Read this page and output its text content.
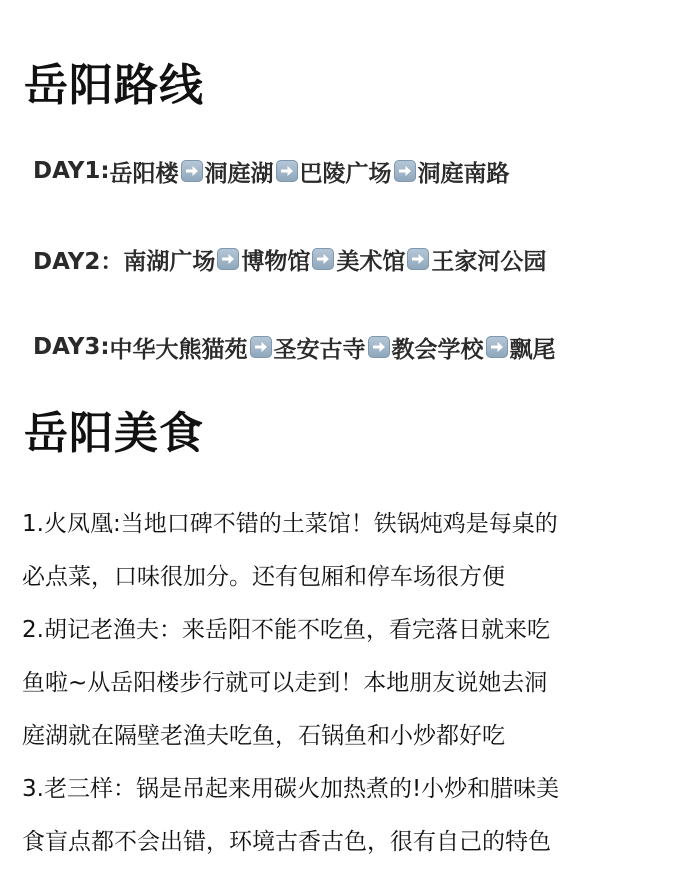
岳阳路线
DAY1: 岳阳楼 洞庭湖 巴陵广场 洞庭南路
DAY2： 南湖广场 博物馆 美术馆 王家河公园
DAY3: 中华大熊猫苑 圣安古寺 教会学校 飘尾
岳阳美食
1.火凤凰:当地口碑不错的土菜馆！铁锅炖鸡是每桌的
必点菜，口味很加分。还有包厢和停车场很方便
2.胡记老渔夫：来岳阳不能不吃鱼，看完落日就来吃
鱼啦~从岳阳楼步行就可以走到！本地朋友说她去洞
庭湖就在隔壁老渔夫吃鱼，石锅鱼和小炒都好吃
3.老三样：锅是吊起来用碳火加热煮的!小炒和腊味美
食盲点都不会出错，环境古香古色，很有自己的特色
